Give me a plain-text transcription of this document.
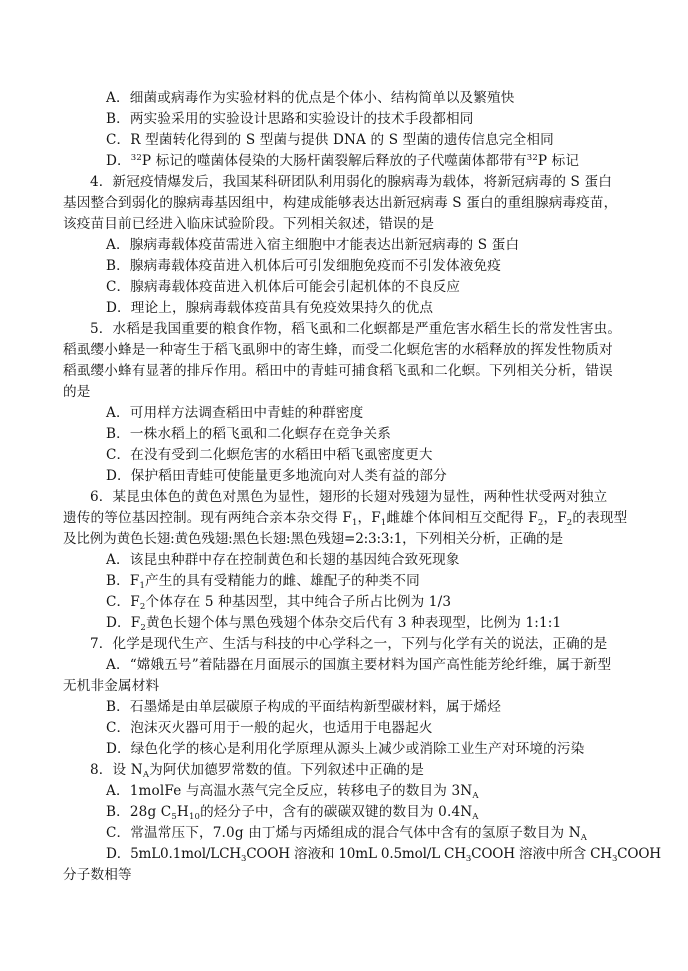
A．细菌或病毒作为实验材料的优点是个体小、结构简单以及繁殖快
B．两实验采用的实验设计思路和实验设计的技术手段都相同
C．R 型菌转化得到的 S 型菌与提供 DNA 的 S 型菌的遗传信息完全相同
D．$^{32}$P 标记的噬菌体侵染的大肠杆菌裂解后释放的子代噬菌体都带有$^{32}$P 标记
4．新冠疫情爆发后，我国某科研团队利用弱化的腺病毒为载体，将新冠病毒的 S 蛋白
基因整合到弱化的腺病毒基因组中，构建成能够表达出新冠病毒 S 蛋白的重组腺病毒疫苗，
该疫苗目前已经进入临床试验阶段。下列相关叙述，错误的是
A．腺病毒载体疫苗需进入宿主细胞中才能表达出新冠病毒的 S 蛋白
B．腺病毒载体疫苗进入机体后可引发细胞免疫而不引发体液免疫
C．腺病毒载体疫苗进入机体后可能会引起机体的不良反应
D．理论上，腺病毒载体疫苗具有免疫效果持久的优点
5．水稻是我国重要的粮食作物，稻飞虱和二化螟都是严重危害水稻生长的常发性害虫。
稻虱缨小蜂是一种寄生于稻飞虱卵中的寄生蜂，而受二化螟危害的水稻释放的挥发性物质对
稻虱缨小蜂有显著的排斥作用。稻田中的青蛙可捕食稻飞虱和二化螟。下列相关分析，错误
的是
A．可用样方法调查稻田中青蛙的种群密度
B．一株水稻上的稻飞虱和二化螟存在竞争关系
C．在没有受到二化螟危害的水稻田中稻飞虱密度更大
D．保护稻田青蛙可使能量更多地流向对人类有益的部分
6．某昆虫体色的黄色对黑色为显性，翅形的长翅对残翅为显性，两种性状受两对独立
遗传的等位基因控制。现有两纯合亲本杂交得 $F_1$，$F_1$雌雄个体间相互交配得 $F_2$，$F_2$的表现型
及比例为黄色长翅:黄色残翅:黑色长翅:黑色残翅=2:3:3:1，下列相关分析，正确的是
A．该昆虫种群中存在控制黄色和长翅的基因纯合致死现象
B．$F_1$产生的具有受精能力的雌、雄配子的种类不同
C．$F_2$个体存在 5 种基因型，其中纯合子所占比例为 1/3
D．$F_2$黄色长翅个体与黑色残翅个体杂交后代有 3 种表现型，比例为 1:1:1
7．化学是现代生产、生活与科技的中心学科之一，下列与化学有关的说法，正确的是
A．“嫦娥五号”着陆器在月面展示的国旗主要材料为国产高性能芳纶纤维，属于新型
无机非金属材料
B．石墨烯是由单层碳原子构成的平面结构新型碳材料，属于烯烃
C．泡沫灭火器可用于一般的起火，也适用于电器起火
D．绿色化学的核心是利用化学原理从源头上减少或消除工业生产对环境的污染
8．设 $N_A$为阿伏加德罗常数的值。下列叙述中正确的是
A．1molFe 与高温水蒸气完全反应，转移电子的数目为 $3N_A$
B．28g $C_5H_{10}$的烃分子中，含有的碳碳双键的数目为 $0.4N_A$
C．常温常压下，7.0g 由丁烯与丙烯组成的混合气体中含有的氢原子数目为 $N_A$
D．$5mL0.1mol/LCH_3COOH$ 溶液和 10mL 0.5mol/L $CH_3COOH$ 溶液中所含 $CH_3COOH$
分子数相等
